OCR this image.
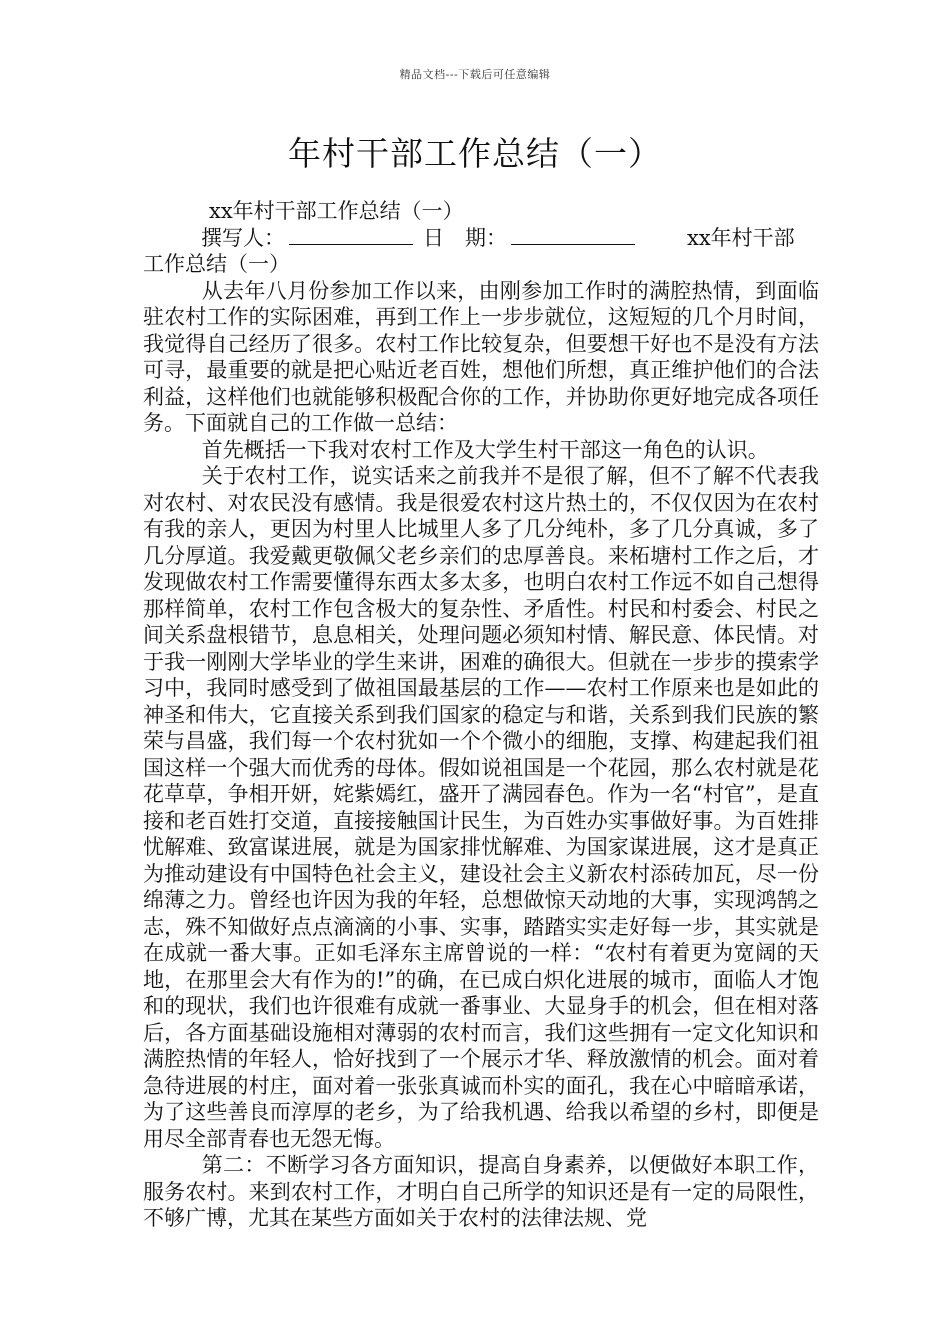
精品文档---下载后可任意编辑
年村干部工作总结（一）

xx年村干部工作总结（一）

撰写人：	日　期：	xx年村干部

工作总结（一）

从去年八月份参加工作以来，由刚参加工作时的满腔热情，到面临驻农村工作的实际困难，再到工作上一步步就位，这短短的几个月时间，我觉得自己经历了很多。农村工作比较复杂，但要想干好也不是没有方法可寻，最重要的就是把心贴近老百姓，想他们所想，真正维护他们的合法利益，这样他们也就能够积极配合你的工作，并协助你更好地完成各项任务。下面就自己的工作做一总结：

首先概括一下我对农村工作及大学生村干部这一角色的认识。

关于农村工作，说实话来之前我并不是很了解，但不了解不代表我对农村、对农民没有感情。我是很爱农村这片热土的，不仅仅因为在农村有我的亲人，更因为村里人比城里人多了几分纯朴，多了几分真诚，多了几分厚道。我爱戴更敬佩父老乡亲们的忠厚善良。来柘塘村工作之后，才发现做农村工作需要懂得东西太多太多，也明白农村工作远不如自己想得那样简单，农村工作包含极大的复杂性、矛盾性。村民和村委会、村民之间关系盘根错节，息息相关，处理问题必须知村情、解民意、体民情。对于我一刚刚大学毕业的学生来讲，困难的确很大。但就在一步步的摸索学习中，我同时感受到了做祖国最基层的工作——农村工作原来也是如此的神圣和伟大，它直接关系到我们国家的稳定与和谐，关系到我们民族的繁荣与昌盛，我们每一个农村犹如一个个微小的细胞，支撑、构建起我们祖国这样一个强大而优秀的母体。假如说祖国是一个花园，那么农村就是花花草草，争相开妍，姹紫嫣红，盛开了满园春色。作为一名“村官”，是直接和老百姓打交道，直接接触国计民生，为百姓办实事做好事。为百姓排忧解难、致富谋进展，就是为国家排忧解难、为国家谋进展，这才是真正为推动建设有中国特色社会主义，建设社会主义新农村添砖加瓦，尽一份绵薄之力。曾经也许因为我的年轻，总想做惊天动地的大事，实现鸿鹄之志，殊不知做好点点滴滴的小事、实事，踏踏实实走好每一步，其实就是在成就一番大事。正如毛泽东主席曾说的一样：“农村有着更为宽阔的天地，在那里会大有作为的!”的确，在已成白炽化进展的城市，面临人才饱和的现状，我们也许很难有成就一番事业、大显身手的机会，但在相对落后，各方面基础设施相对薄弱的农村而言，我们这些拥有一定文化知识和满腔热情的年轻人，恰好找到了一个展示才华、释放激情的机会。面对着急待进展的村庄，面对着一张张真诚而朴实的面孔，我在心中暗暗承诺，为了这些善良而淳厚的老乡，为了给我机遇、给我以希望的乡村，即便是用尽全部青春也无怨无悔。

第二：不断学习各方面知识，提高自身素养，以便做好本职工作，服务农村。来到农村工作，才明白自己所学的知识还是有一定的局限性，不够广博，尤其在某些方面如关于农村的法律法规、党
